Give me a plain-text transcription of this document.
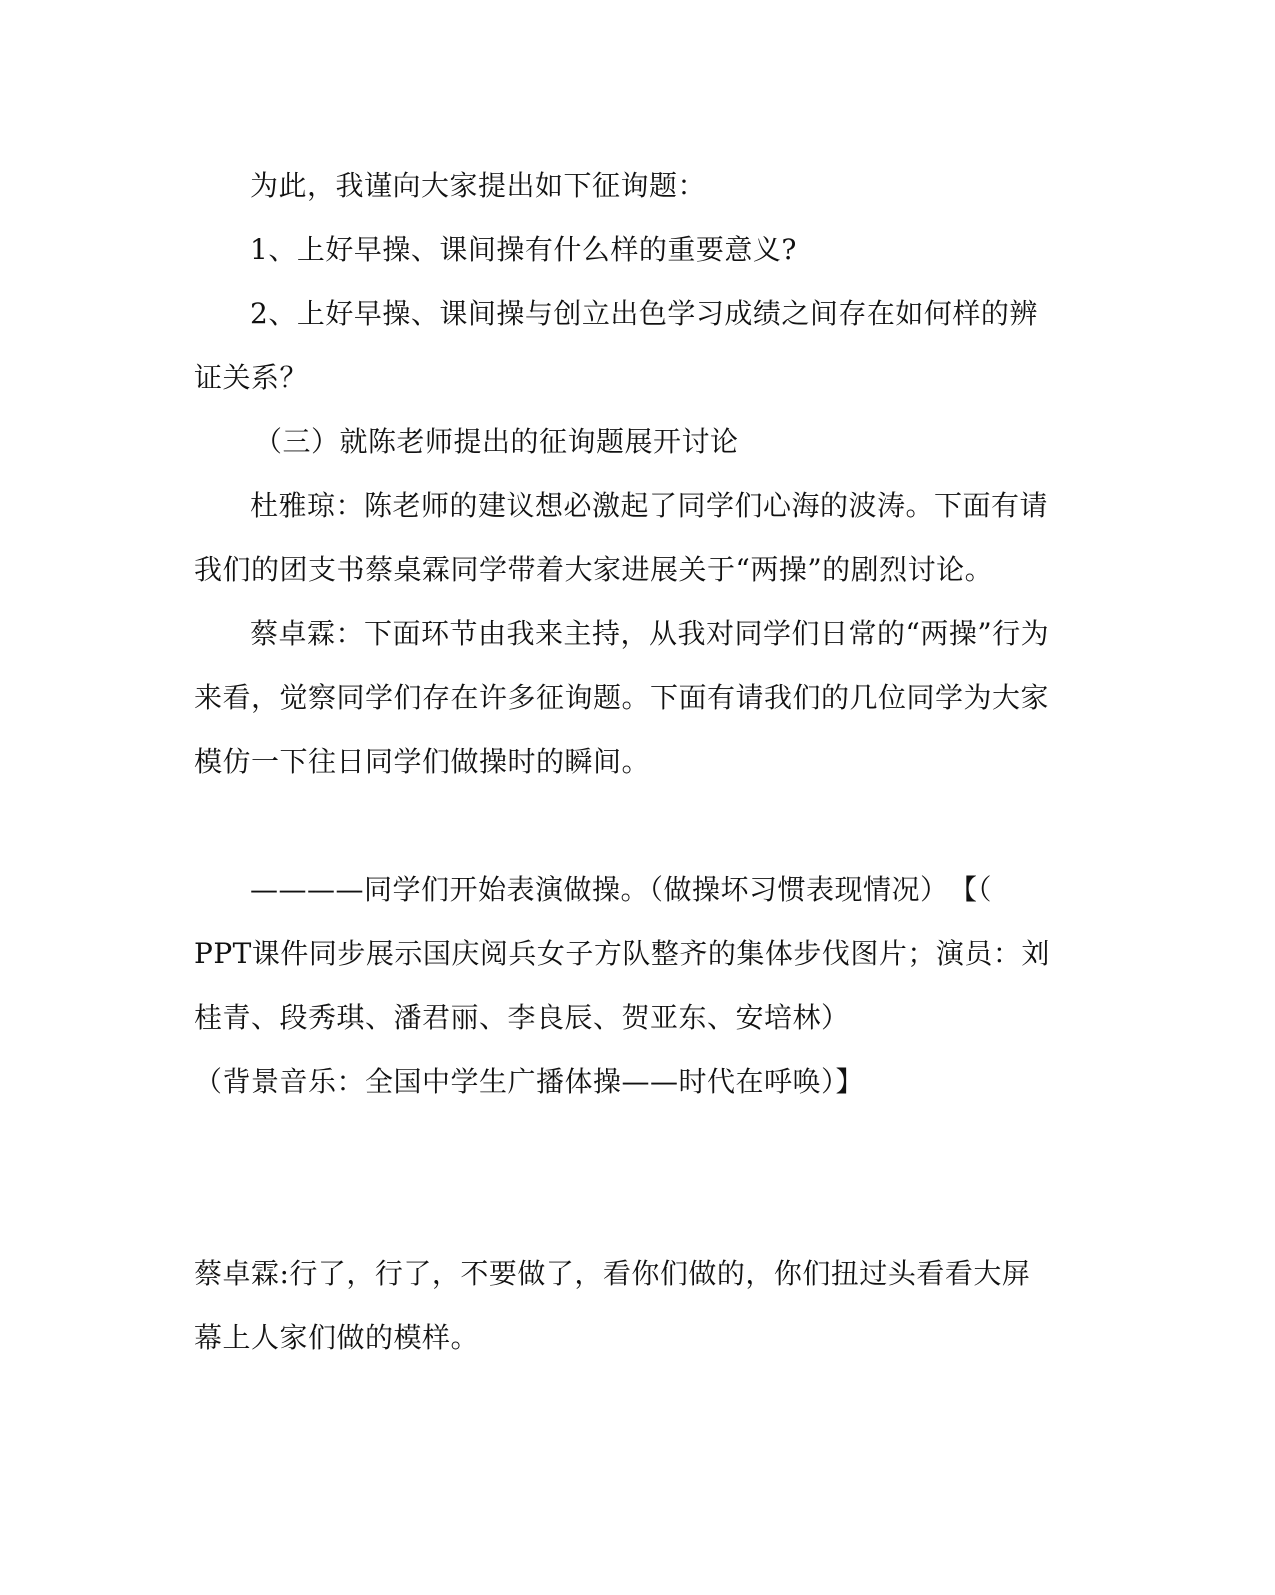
为此，我谨向大家提出如下征询题：
1、上好早操、课间操有什么样的重要意义?
2、上好早操、课间操与创立出色学习成绩之间存在如何样的辨
证关系？
（三）就陈老师提出的征询题展开讨论
杜雅琼：陈老师的建议想必激起了同学们心海的波涛。下面有请
我们的团支书蔡桌霖同学带着大家进展关于“两操”的剧烈讨论。
蔡卓霖：下面环节由我来主持，从我对同学们日常的“两操”行为
来看，觉察同学们存在许多征询题。下面有请我们的几位同学为大家
模仿一下往日同学们做操时的瞬间。
————同学们开始表演做操。（做操坏习惯表现情况）　【（
PPT课件同步展示国庆阅兵女子方队整齐的集体步伐图片；演员：刘
桂青、段秀琪、潘君丽、李良辰、贺亚东、安培林）
（背景音乐：全国中学生广播体操——时代在呼唤）】
蔡卓霖:行了，行了，不要做了，看你们做的，你们扭过头看看大屏
幕上人家们做的模样。
